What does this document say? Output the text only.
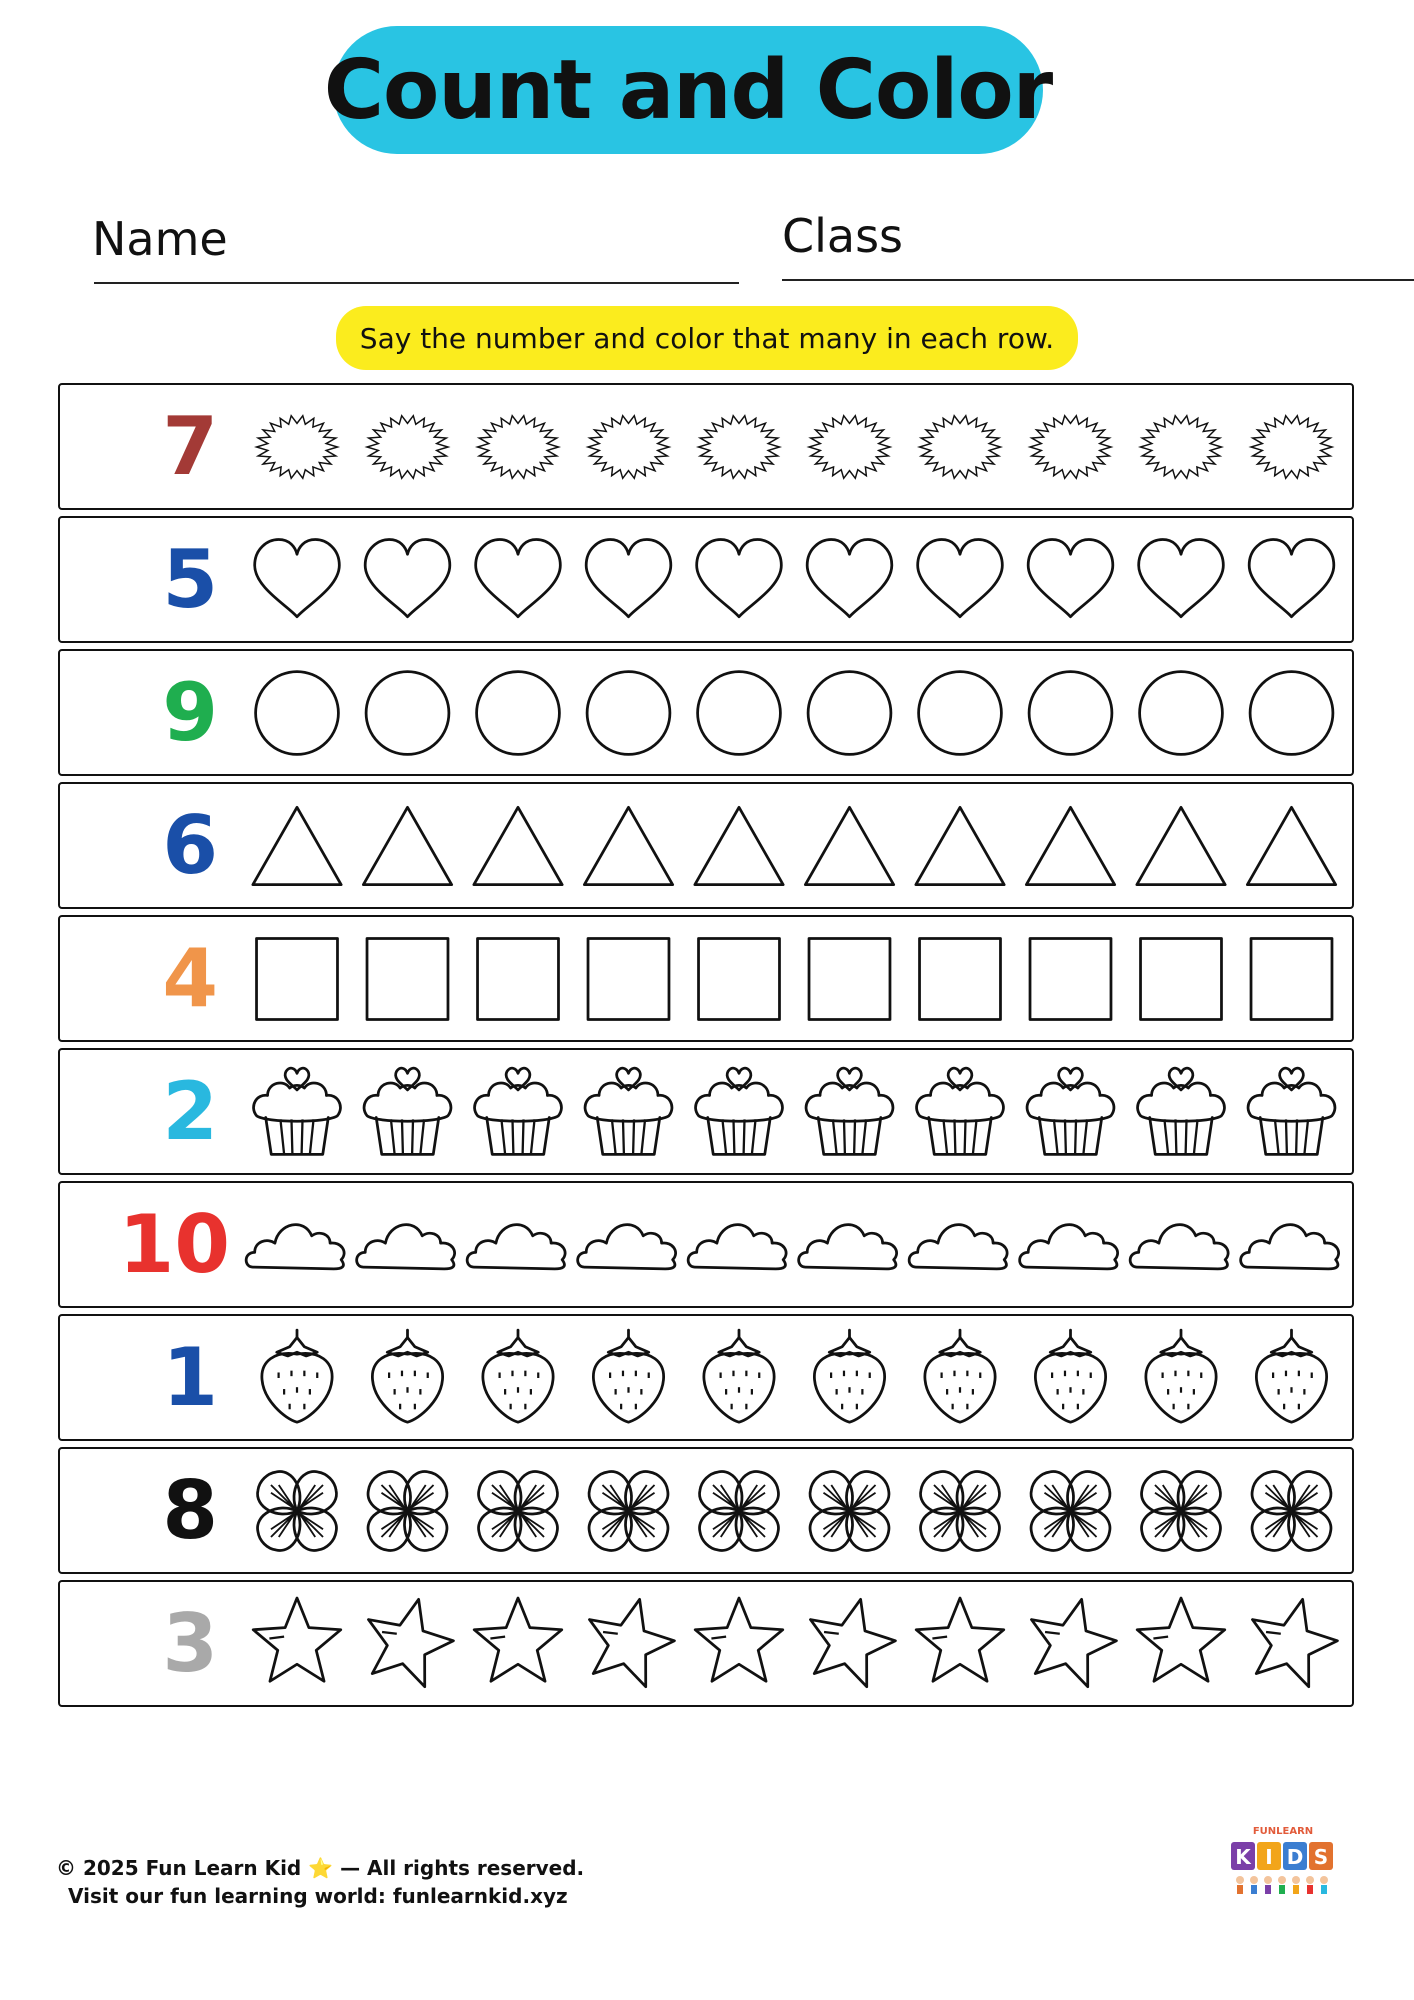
Count and Color
Name	Class
Say the number and color that many in each row.
7
5
9
6
4
2
10
1
8
3
© 2025 Fun Learn Kid ⭐ — All rights reserved.
Visit our fun learning world: funlearnkid.xyz
FUNLEARN
K I D S
